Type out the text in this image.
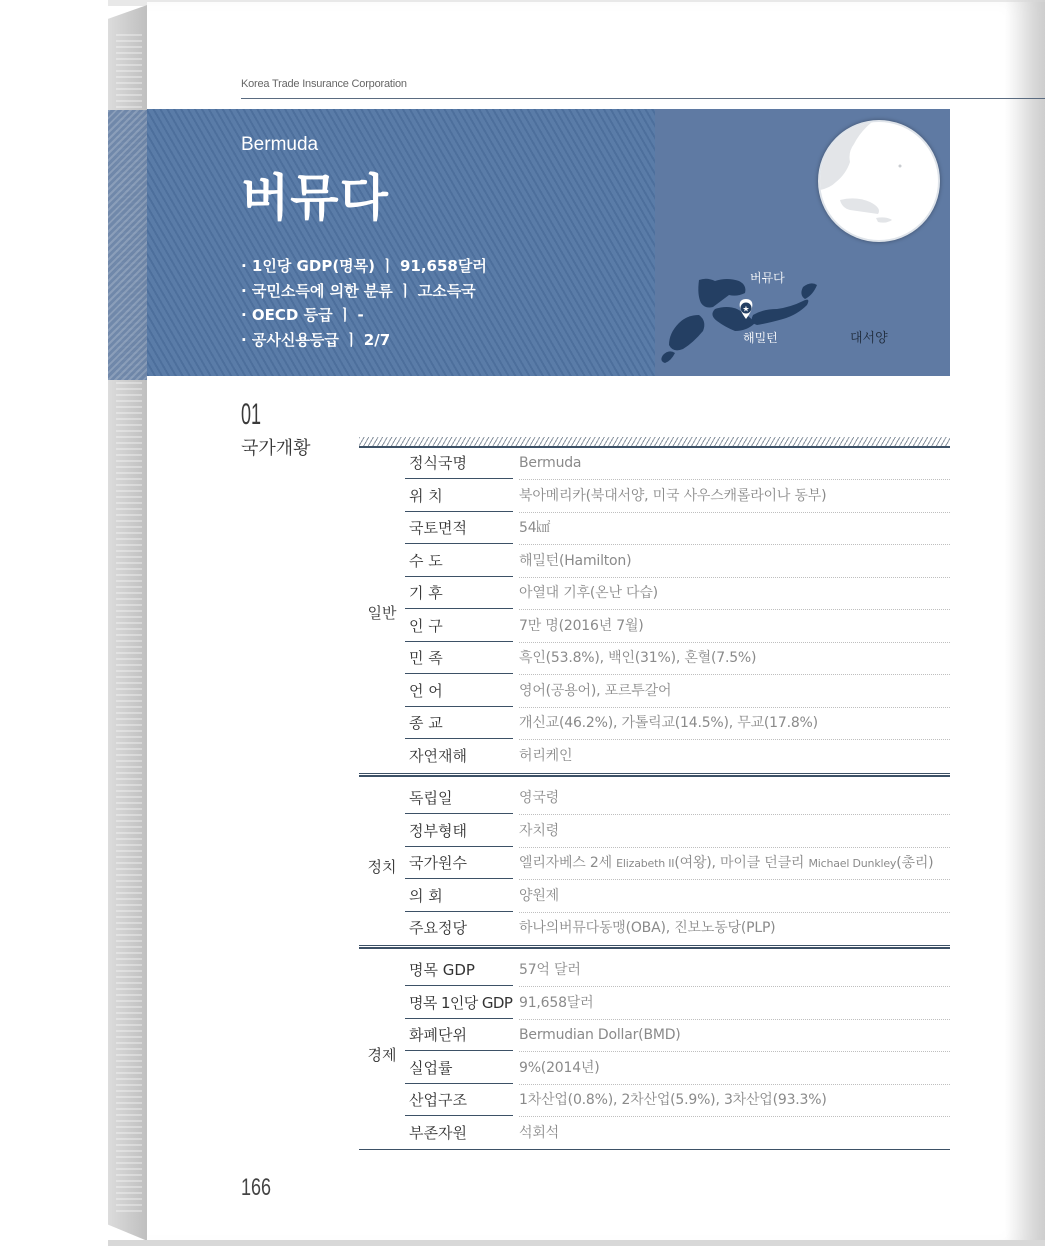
Korea Trade Insurance Corporation
Bermuda
버뮤다
· 1인당 GDP(명목) ㅣ 91,658달러
· 국민소득에 의한 분류 ㅣ 고소득국
· OECD 등급 ㅣ -
· 공사신용등급 ㅣ 2/7
★
버뮤다
해밀턴	대서양
01
국가개황
일반
정식국명	Bermuda
위 치	북아메리카(북대서양, 미국 사우스캐롤라이나 동부)
국토면적	54㎢
수 도	해밀턴(Hamilton)
기 후	아열대 기후(온난 다습)
인 구	7만 명(2016년 7월)
민 족	흑인(53.8%), 백인(31%), 혼혈(7.5%)
언 어	영어(공용어), 포르투갈어
종 교	개신교(46.2%), 가톨릭교(14.5%), 무교(17.8%)
자연재해	허리케인
정치
독립일	영국령
정부형태	자치령
국가원수	엘리자베스 2세 Elizabeth II(여왕), 마이클 던클리 Michael Dunkley(총리)
의 회	양원제
주요정당	하나의버뮤다동맹(OBA), 진보노동당(PLP)
경제
명목 GDP	57억 달러
명목 1인당 GDP 91,658달러
화폐단위	Bermudian Dollar(BMD)
실업률	9%(2014년)
산업구조	1차산업(0.8%), 2차산업(5.9%), 3차산업(93.3%)
부존자원	석회석
166
